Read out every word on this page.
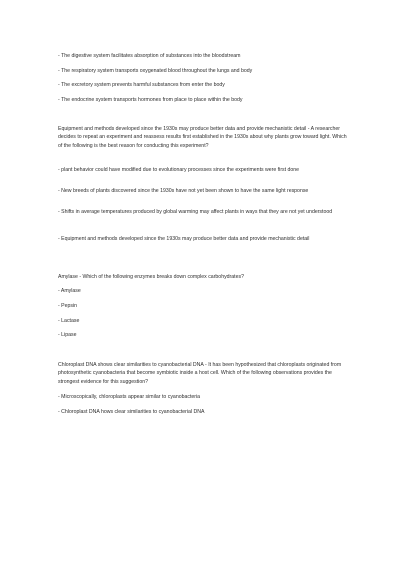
- The digestive system facilitates absorption of substances into the bloodstream

- The respiratory system transports oxygenated blood throughout the lungs and body

- The excretory system prevents harmful substances from enter the body

- The endocrine system transports hormones from place to place within the body

Equipment and methods developed since the 1930s may produce better data and provide mechanistic detail - A researcher decides to repeat an experiment and reassess results first established in the 1930s about why plants grow toward light. Which of the following is the best reason for conducting this experiment?

- plant behavior could have modified due to evolutionary processes since the experiments were first done

- New breeds of plants discovered since the 1930s have not yet been shown to have the same light response

- Shifts in average temperatures produced by global warming may affect plants in ways that they are not yet understood

- Equipment and methods developed since the 1930s may produce better data and provide mechanistic detail

Amylase - Which of the following enzymes breaks down complex carbohydrates?

- Amylase

- Pepsin

- Lactase

- Lipase

Chloroplast DNA shows clear similarities to cyanobacterial DNA - It has been hypothesized that chloroplasts originated from photosynthetic cyanobacteria that become symbiotic inside a host cell. Which of the following observations provides the strongest evidence for this suggestion?

- Microscopically, chloroplasts appear similar to cyanobacteria

- Chloroplast DNA hows clear similarities to cyanobacterial DNA
